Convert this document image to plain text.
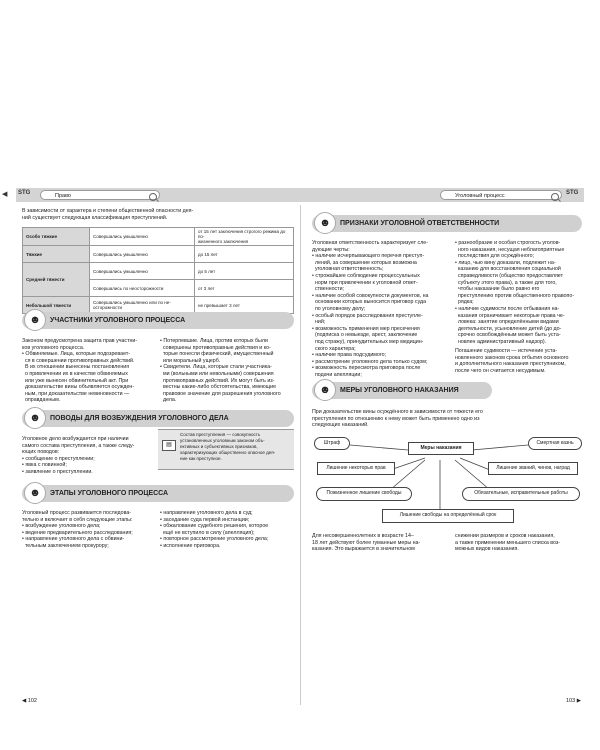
◀	Право
STG	Уголовный процесс	STG
В зависимости от характера и степени общественной опасности дея-
ний существует следующая классификация преступлений.
Особо тяжкие	Совершались умышленно	от 15 лет заключения строгого режима до по-
жизненного заключения
Тяжкие	Совершались умышленно	до 15 лет
Средней тяжести	Совершались умышленно	до 5 лет
	Совершались по неосторожности	от 3 лет
Небольшой тяжести	Совершались умышленно или по не-
осторожности	не превышает 3 лет
☻	УЧАСТНИКИ УГОЛОВНОГО ПРОЦЕССА
Законом предусмотрена защита прав участни-
ков уголовного процесса.
• Обвиняемые. Лица, которые подозревает-
ся в совершении противоправных действий.
В их отношении вынесены постановления
о привлечении их в качестве обвиняемых
или уже вынесен обвинительный акт. При
доказательстве вины объявляется осужден-
ным, при доказательстве невиновности —
оправданным.
• Потерпевшие. Лица, против которых были
совершены противоправные действия и ко-
торые понесли физический, имущественный
или моральный ущерб.
• Свидетели. Лица, которые стали участника-
ми (вольными или невольными) совершения
противоправных действий. Их могут быть из-
вестны какие-либо обстоятельства, имеющие
правовое значение для разрешения уголовного
дела.
☻	ПОВОДЫ ДЛЯ ВОЗБУЖДЕНИЯ УГОЛОВНОГО ДЕЛА
Уголовное дело возбуждается при наличии
самого состава преступления, а также следу-
ющих поводов:
• сообщение о преступлении;
• явка с повинной;
• заявление о преступлении.
▤
Состав преступления — совокупность
установленных уголовным законом объ-
ективных и субъективных признаков,
характеризующих общественно опасное дея-
ние как преступное.
☻	ЭТАПЫ УГОЛОВНОГО ПРОЦЕССА
Уголовный процесс развивается последова-
тельно и включает в себя следующие этапы:
• возбуждение уголовного дела;
• ведение предварительного расследования;
• направление уголовного дела с обвини-
тельным заключением прокурору;
• направление уголовного дела в суд;
• заседание суда первой инстанции;
• обжалование судебного решения, которое
ещё не вступило в силу (апелляция);
• повторное рассмотрение уголовного дела;
• исполнение приговора.
◀ 102
☻	ПРИЗНАКИ УГОЛОВНОЙ ОТВЕТСТВЕННОСТИ
Уголовная ответственность характеризует сле-
дующие черты:
• наличие исчерпывающего перечня преступ-
лений, за совершение которых возможна
уголовная ответственность;
• строжайшее соблюдение процессуальных
норм при привлечении к уголовной ответ-
ственности;
• наличие особой совокупности документов, на
основании которых выносится приговор суда
по уголовному делу;
• особый порядок расследования преступле-
ний;
• возможность применения мер пресечения
(подписка о невыезде, арест, заключение
под стражу), принудительных мер медицин-
ского характера;
• наличие права подсудимого;
• рассмотрение уголовного дела только судом;
• возможность пересмотра приговора после
подачи апелляции;
• разнообразие и особая строгость уголов-
ного наказания, несущая неблагоприятные
последствия для осуждённого;
• лицо, чью вину доказали, подлежит на-
казанию для восстановления социальной
справедливости (общество предоставляет
субъекту этого права), а также для того,
чтобы наказание было равно его
преступлению против общественного правопо-
рядка;
• наличие судимости после отбывания на-
казания ограничивает некоторые права че-
ловека: занятие определёнными видами
деятельности, усыновление детей (до до-
срочно освобождённым может быть уста-
новлен административный надзор).
Погашение судимости — истечение уста-
новленного законом срока отбытия основного
и дополнительного наказания преступником,
после чего он считается несудимым.
☻	МЕРЫ УГОЛОВНОГО НАКАЗАНИЯ
При доказательстве вины осуждённого в зависимости от тяжести его
преступления по отношению к нему может быть применено одно из
следующих наказаний.
Меры наказания
Штраф	Смертная казнь
Лишение некоторых прав	Лишение званий, чинов, наград
Пожизненное лишение свободы	Обязательные, исправительные работы
Лишение свободы на определённый срок
Для несовершеннолетних в возрасте 14–
18 лет действуют более гуманные меры на-
казания. Это выражается в значительном
снижении размеров и сроков наказания,
а также применении меньшего списка воз-
можных видов наказания.
103 ▶
